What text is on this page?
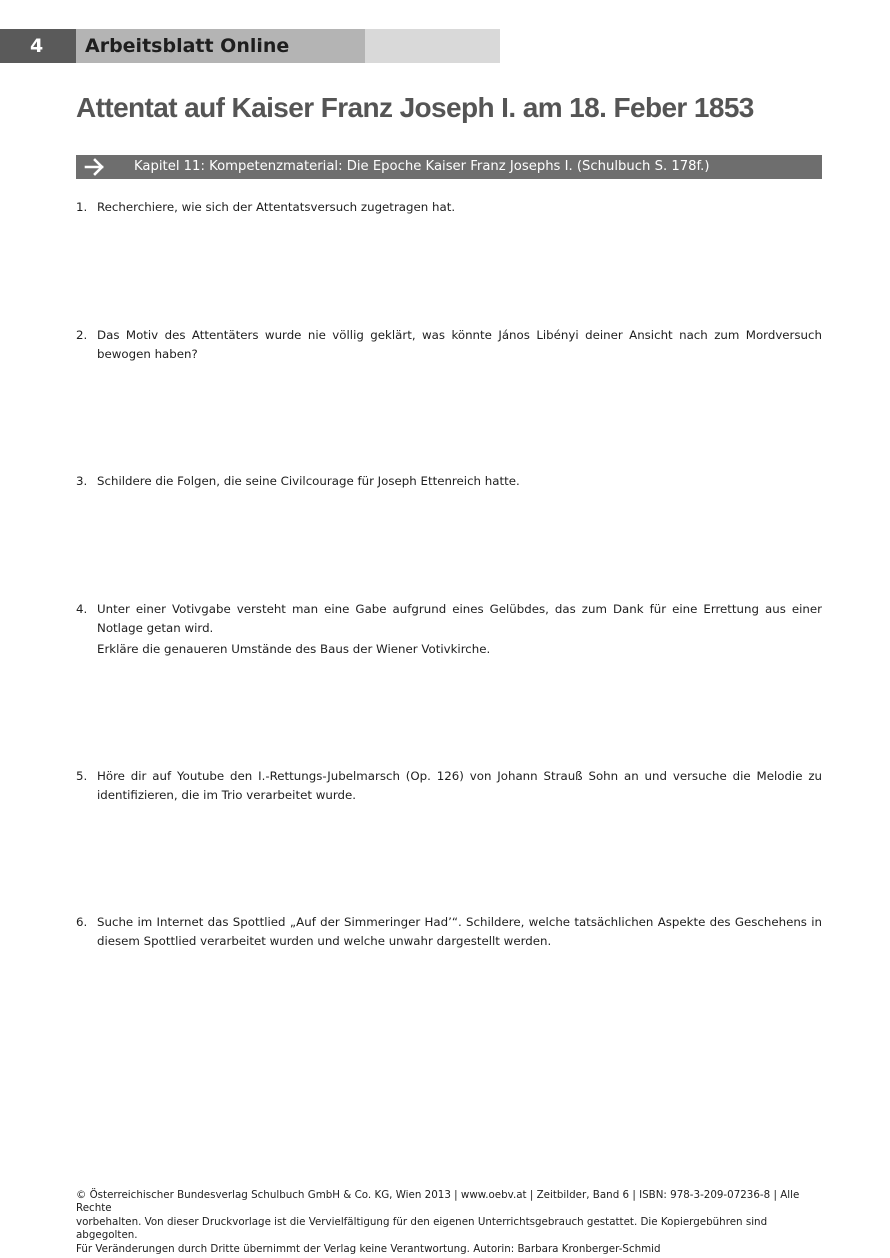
4	Arbeitsblatt Online
Attentat auf Kaiser Franz Joseph I. am 18. Feber 1853
Kapitel 11: Kompetenzmaterial: Die Epoche Kaiser Franz Josephs I. (Schulbuch S. 178f.)
1. Recherchiere, wie sich der Attentatsversuch zugetragen hat.

2. Das Motiv des Attentäters wurde nie völlig geklärt, was könnte János Libényi deiner Ansicht nach zum Mordversuch bewogen haben?

3. Schildere die Folgen, die seine Civilcourage für Joseph Ettenreich hatte.

4. Unter einer Votivgabe versteht man eine Gabe aufgrund eines Gelübdes, das zum Dank für eine Errettung aus einer Notlage getan wird.

Erkläre die genaueren Umstände des Baus der Wiener Votivkirche.

5. Höre dir auf Youtube den I.-Rettungs-Jubelmarsch (Op. 126) von Johann Strauß Sohn an und versuche die Melodie zu identifizieren, die im Trio verarbeitet wurde.

6. Suche im Internet das Spottlied „Auf der Simmeringer Had’“. Schildere, welche tatsächlichen Aspekte des Geschehens in diesem Spottlied verarbeitet wurden und welche unwahr dargestellt werden.

© Österreichischer Bundesverlag Schulbuch GmbH & Co. KG, Wien 2013 | www.oebv.at | Zeitbilder, Band 6 | ISBN: 978-3-209-07236-8 | Alle Rechte
vorbehalten. Von dieser Druckvorlage ist die Vervielfältigung für den eigenen Unterrichtsgebrauch gestattet. Die Kopiergebühren sind abgegolten.
Für Veränderungen durch Dritte übernimmt der Verlag keine Verantwortung. Autorin: Barbara Kronberger-Schmid
